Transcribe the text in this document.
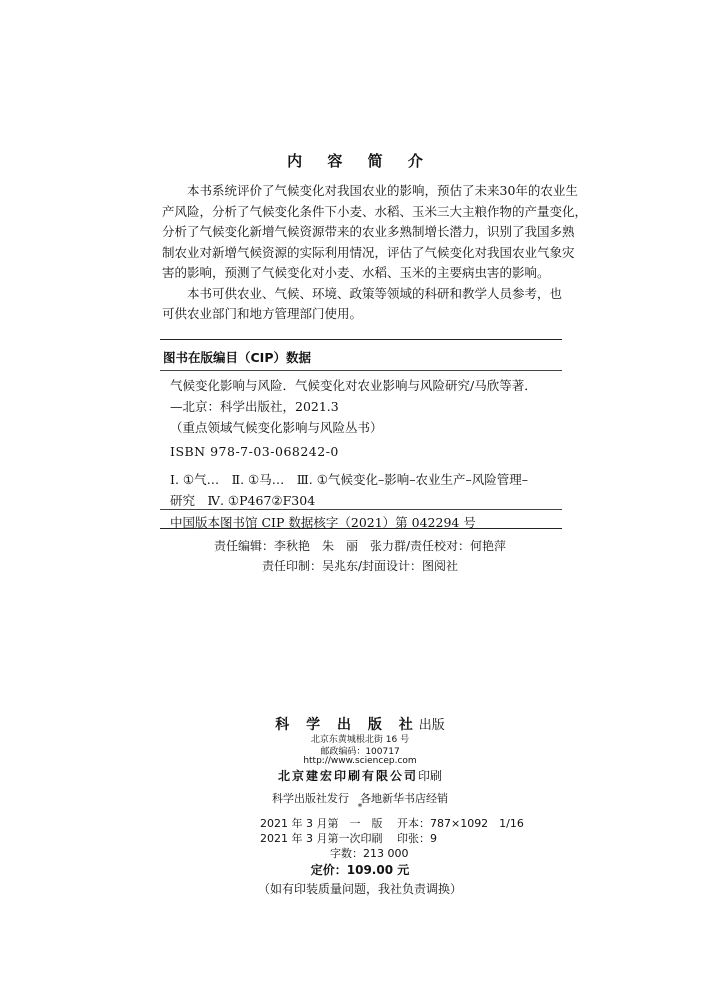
内 容 简 介
本书系统评价了气候变化对我国农业的影响，预估了未来30年的农业生
产风险，分析了气候变化条件下小麦、水稻、玉米三大主粮作物的产量变化，
分析了气候变化新增气候资源带来的农业多熟制增长潜力，识别了我国多熟
制农业对新增气候资源的实际利用情况，评估了气候变化对我国农业气象灾
害的影响，预测了气候变化对小麦、水稻、玉米的主要病虫害的影响。
本书可供农业、气候、环境、政策等领域的科研和教学人员参考，也
可供农业部门和地方管理部门使用。
图书在版编目（CIP）数据
气候变化影响与风险．气候变化对农业影响与风险研究/马欣等著．
—北京：科学出版社，2021.3
（重点领域气候变化影响与风险丛书）
ISBN 978-7-03-068242-0
Ⅰ. ①气…　Ⅱ. ①马…　Ⅲ. ①气候变化–影响–农业生产–风险管理–
研究　Ⅳ. ①P467②F304
中国版本图书馆 CIP 数据核字（2021）第 042294 号
责任编辑：李秋艳　朱　丽　张力群/责任校对：何艳萍
责任印制：吴兆东/封面设计：图阅社
科 学 出 版 社出版
北京东黄城根北街 16 号
邮政编码：100717
http://www.sciencep.com
北京建宏印刷有限公司印刷
科学出版社发行　各地新华书店经销
*
2021 年 3 月第　一　版　 开本：787×1092　1/16
2021 年 3 月第一次印刷　 印张：9
字数：213 000
定价：109.00 元
（如有印装质量问题，我社负责调换）
